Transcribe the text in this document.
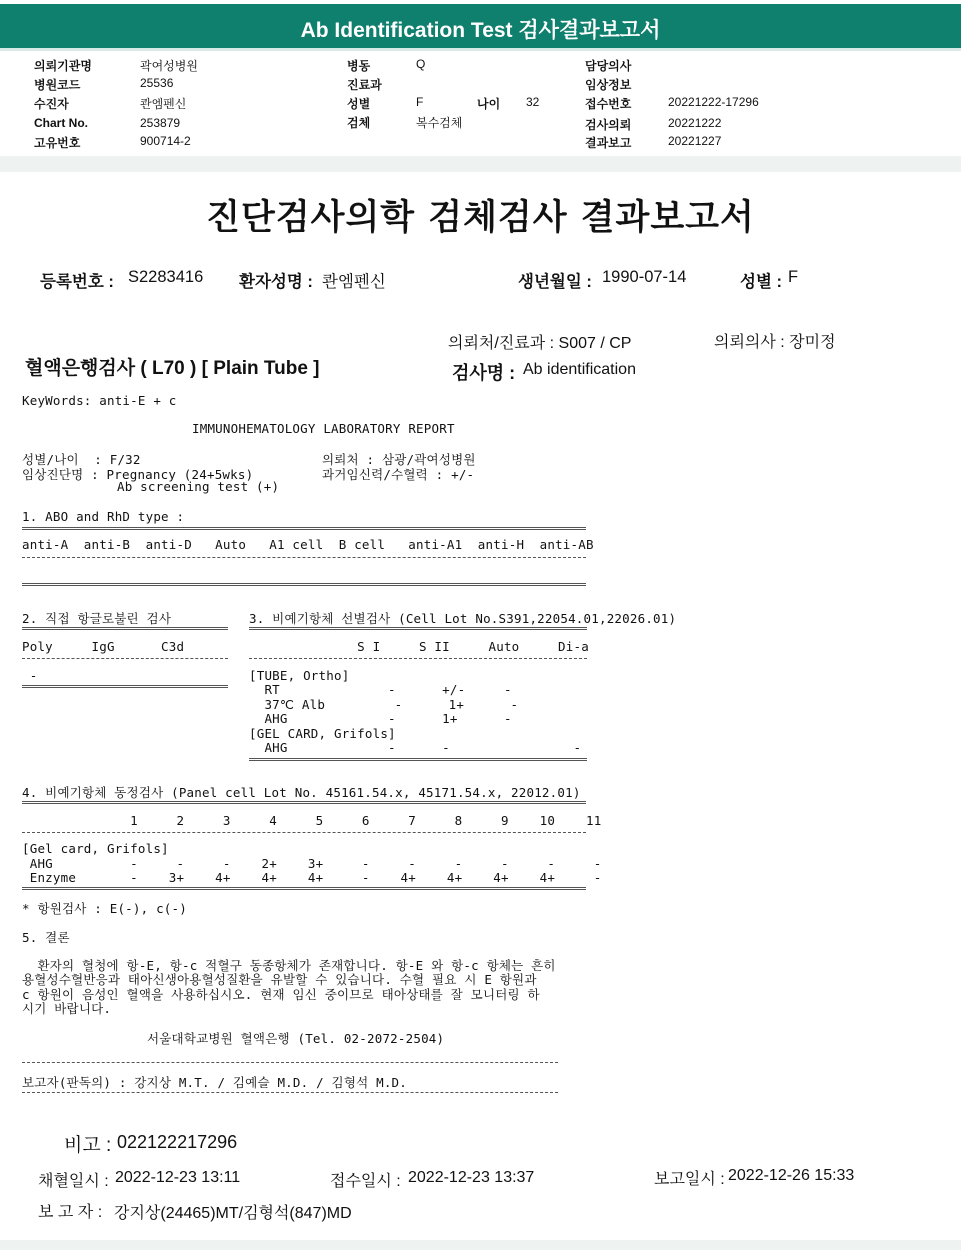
Ab Identification Test 검사결과보고서
의뢰기관명	곽여성병원
병원코드	25536
수진자	콴엠펜신
Chart No.	253879
고유번호	900714-2
병동	Q
진료과
성별	F	나이 32
검체	복수검체
담당의사
임상정보
접수번호	20221222-17296
검사의뢰	20221222
결과보고	20221227
진단검사의학 검체검사 결과보고서
등록번호 : S2283416 환자성명 : 콴엠펜신	생년월일 : 1990-07-14	성별 : F
의뢰처/진료과 : S007 / CP	의뢰의사 : 장미정
혈액은행검사 ( L70 ) [ Plain Tube ]	검사명 : Ab identification
KeyWords: anti-E + c
IMMUNOHEMATOLOGY LABORATORY REPORT
성별/나이  : F/32
임상진단명 : Pregnancy (24+5wks)
Ab screening test (+)
의뢰처 : 삼광/곽여성병원
과거임신력/수혈력 : +/-
1. ABO and RhD type :
anti-A  anti-B  anti-D   Auto   A1 cell  B cell   anti-A1  anti-H  anti-AB
2. 직접 항글로불린 검사
Poly     IgG      C3d
-
3. 비예기항체 선별검사 (Cell Lot No.S391,22054.01,22026.01)
S I     S II     Auto     Di-a
[TUBE, Ortho]
RT              -      +/-     -
37℃ Alb         -      1+      -
AHG             -      1+      -
[GEL CARD, Grifols]
AHG             -      -                -
4. 비예기항체 동정검사 (Panel cell Lot No. 45161.54.x, 45171.54.x, 22012.01)
1     2     3     4     5     6     7     8     9    10    11
[Gel card, Grifols]
AHG          -     -     -    2+    3+     -     -     -     -     -     -
Enzyme       -    3+    4+    4+    4+     -    4+    4+    4+    4+     -
* 항원검사 : E(-), c(-)
5. 결론
환자의 혈청에 항-E, 항-c 적혈구 동종항체가 존재합니다. 항-E 와 항-c 항체는 흔히
용혈성수혈반응과 태아신생아용혈성질환을 유발할 수 있습니다. 수혈 필요 시 E 항원과
c 항원이 음성인 혈액을 사용하십시오. 현재 임신 중이므로 태아상태를 잘 모니터링 하
시기 바랍니다.
서울대학교병원 혈액은행 (Tel. 02-2072-2504)
보고자(판독의) : 강지상 M.T. / 김예슬 M.D. / 김형석 M.D.
비고 : 022122217296
채혈일시 : 2022-12-23 13:11	접수일시 : 2022-12-23 13:37	보고일시 : 2022-12-26 15:33
보 고 자 : 강지상(24465)MT/김형석(847)MD
